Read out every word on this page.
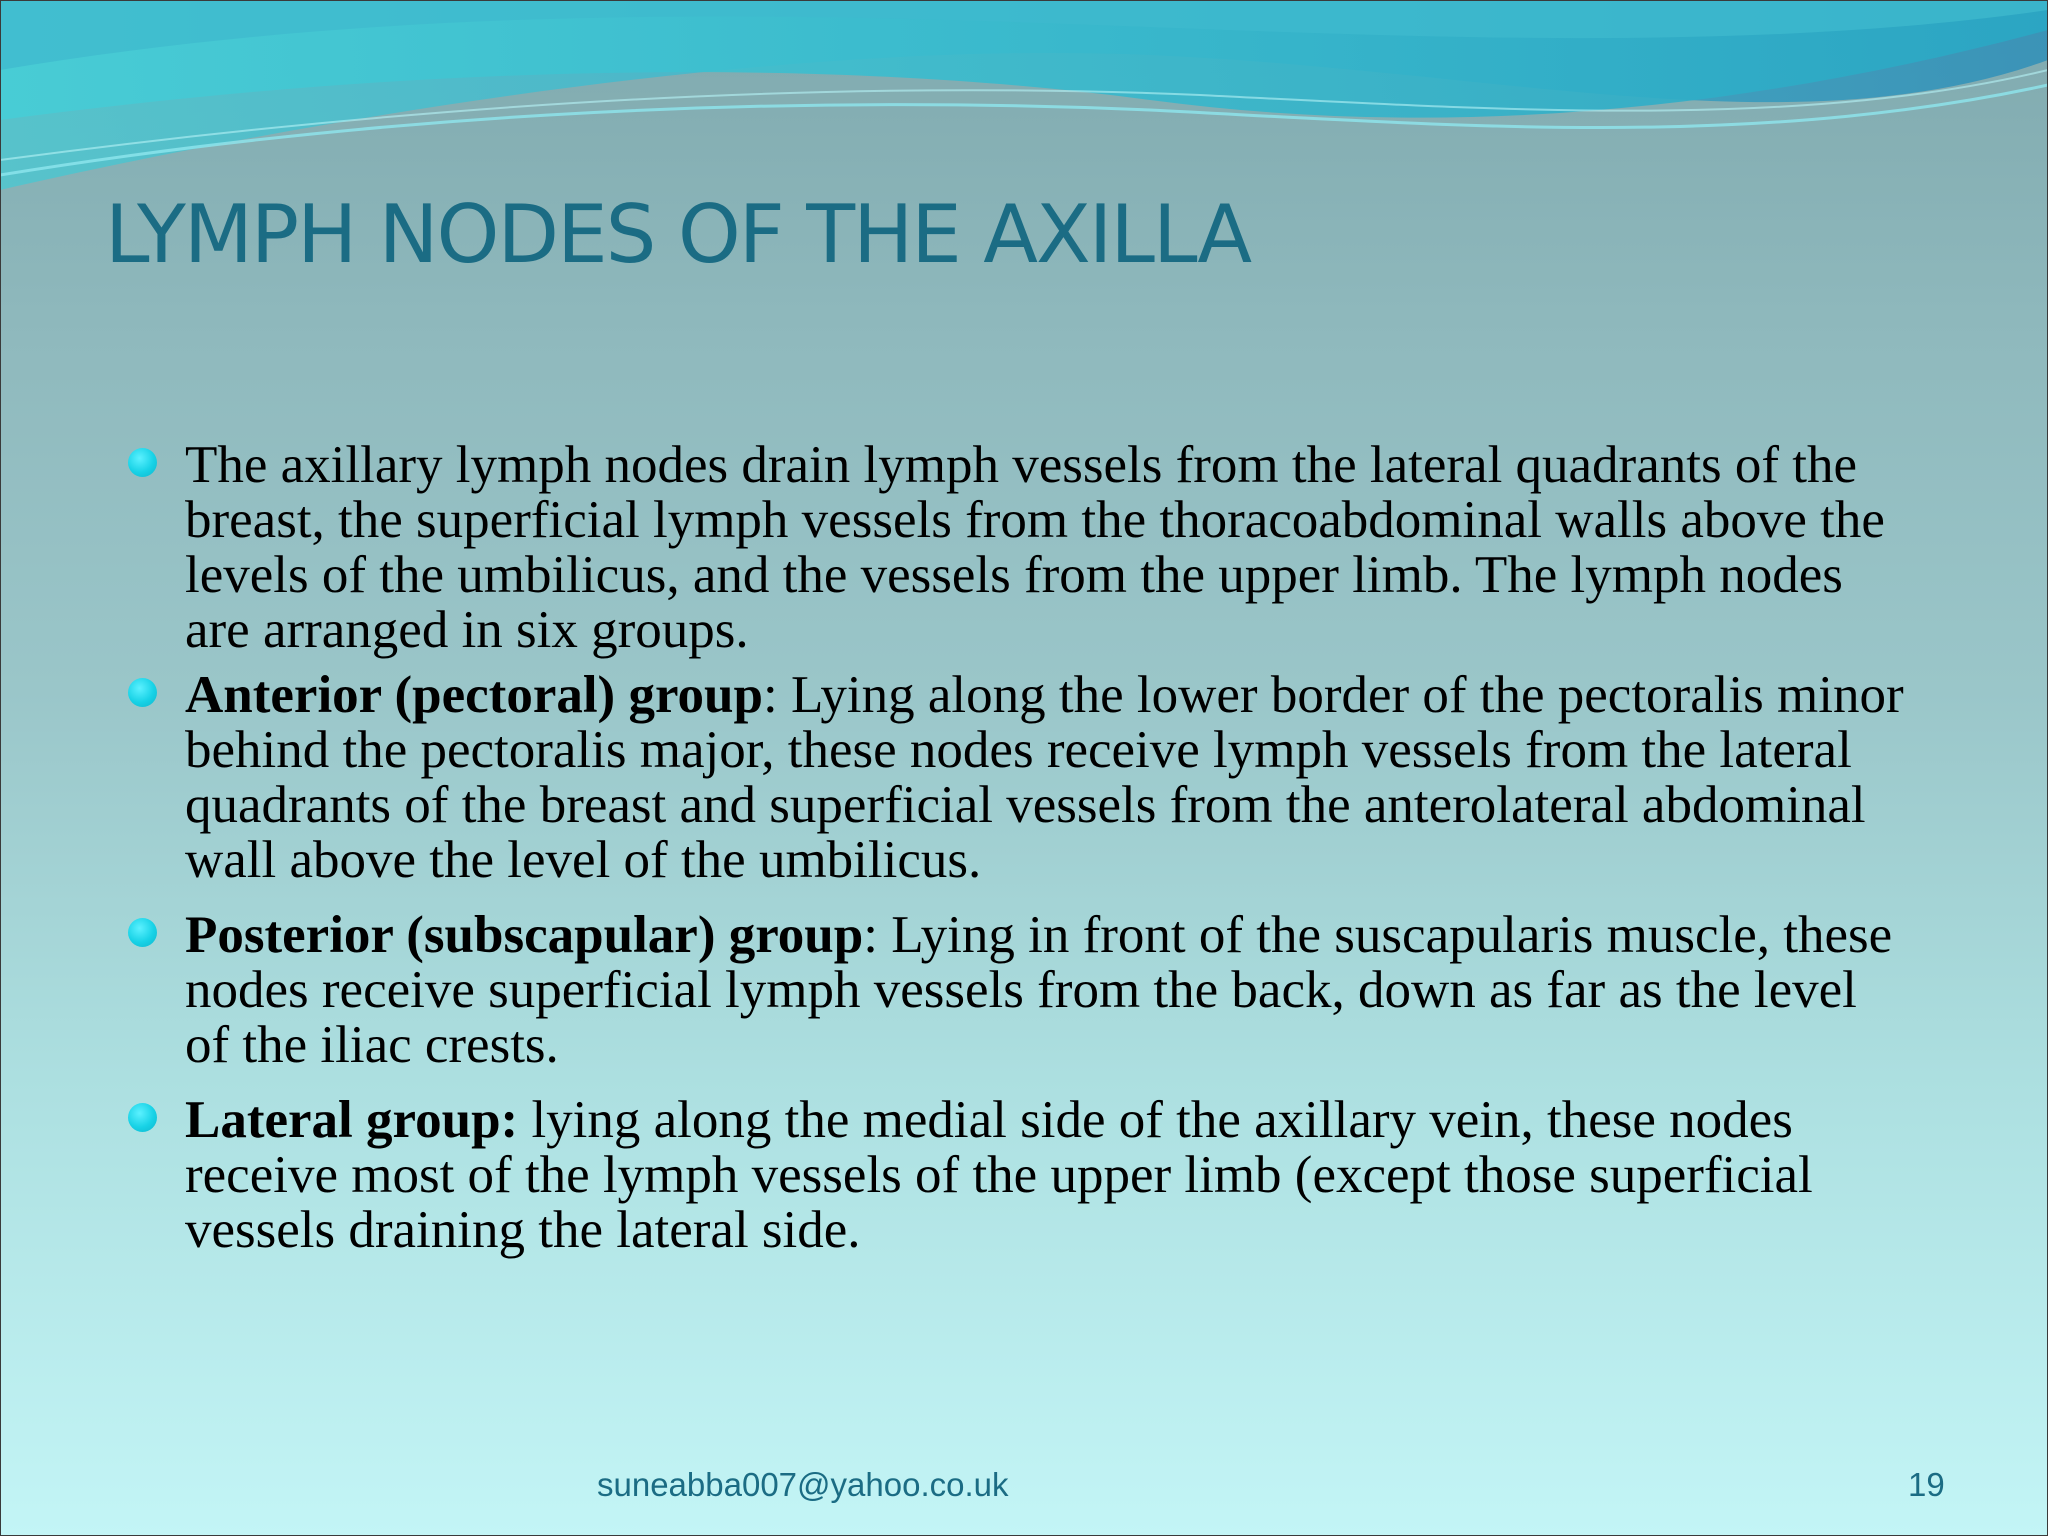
LYMPH NODES OF THE AXILLA
The axillary lymph nodes drain lymph vessels from the lateral quadrants of the breast, the superficial lymph vessels from the thoracoabdominal walls above the levels of the umbilicus, and the vessels from the upper limb. The lymph nodes are arranged in six groups.
Anterior (pectoral) group: Lying along the lower border of the pectoralis minor behind the pectoralis major, these nodes receive lymph vessels from the lateral quadrants of the breast and superficial vessels from the anterolateral abdominal wall above the level of the umbilicus.
Posterior (subscapular) group: Lying in front of the suscapularis muscle, these nodes receive superficial lymph vessels from the back, down as far as the level of the iliac crests.
Lateral group: lying along the medial side of the axillary vein, these nodes receive most of the lymph vessels of the upper limb (except those superficial vessels draining the lateral side.
suneabba007@yahoo.co.uk	19
